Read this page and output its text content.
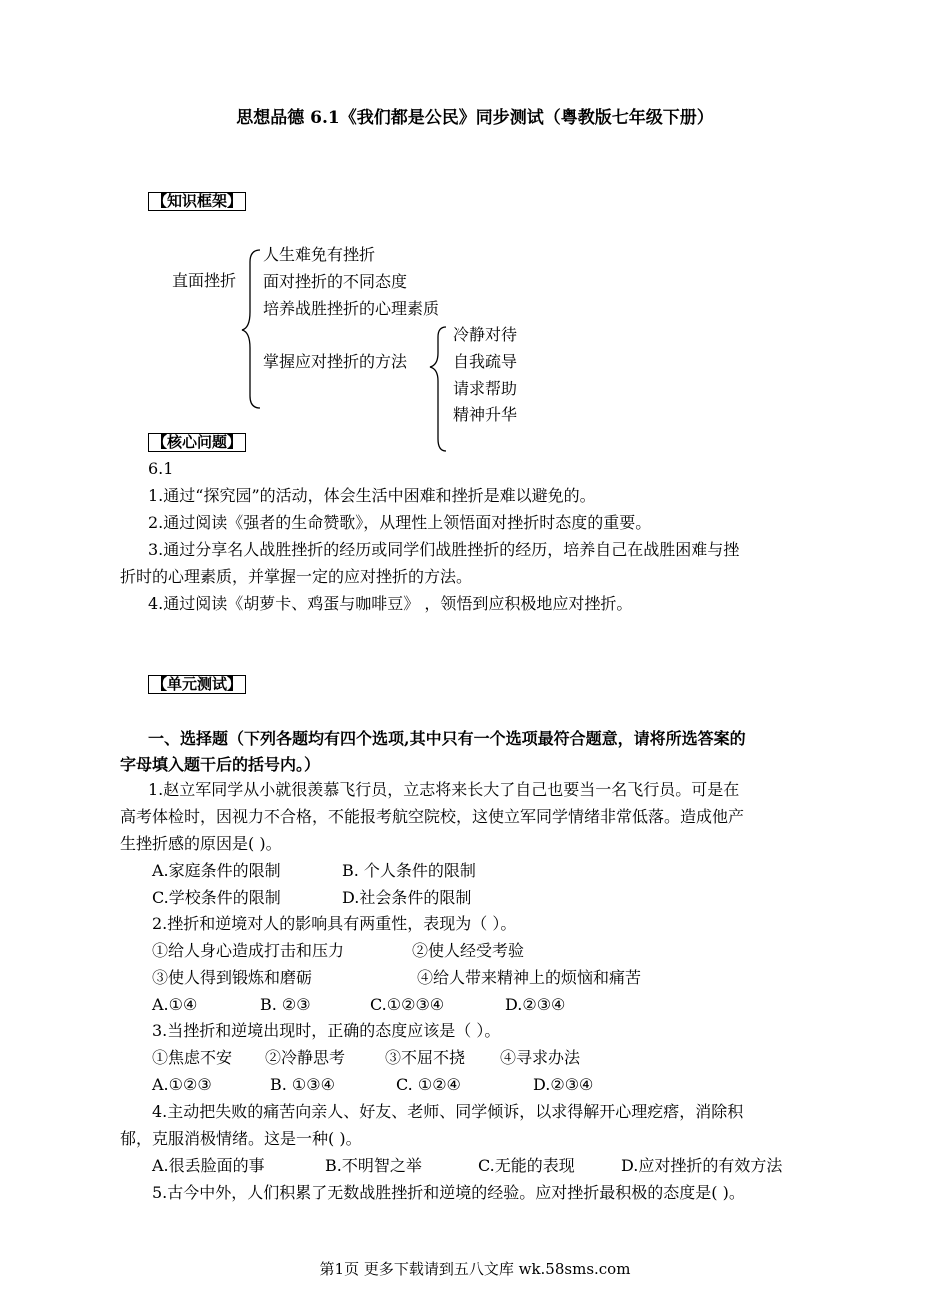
思想品德 6.1《我们都是公民》同步测试（粤教版七年级下册）
【知识框架】
直面挫折
人生难免有挫折
面对挫折的不同态度
培养战胜挫折的心理素质
掌握应对挫折的方法
冷静对待
自我疏导
请求帮助
精神升华
【核心问题】
6.1
1.通过“探究园”的活动，体会生活中困难和挫折是难以避免的。
2.通过阅读《强者的生命赞歌》，从理性上领悟面对挫折时态度的重要。
3.通过分享名人战胜挫折的经历或同学们战胜挫折的经历，培养自己在战胜困难与挫
折时的心理素质，并掌握一定的应对挫折的方法。
4.通过阅读《胡萝卡、鸡蛋与咖啡豆》 ，领悟到应积极地应对挫折。
【单元测试】
一、选择题（下列各题均有四个选项,其中只有一个选项最符合题意，请将所选答案的
字母填入题干后的括号内。）
1.赵立军同学从小就很羡慕飞行员，立志将来长大了自己也要当一名飞行员。可是在
高考体检时，因视力不合格，不能报考航空院校，这使立军同学情绪非常低落。造成他产
生挫折感的原因是( )。
A.家庭条件的限制	B. 个人条件的限制
C.学校条件的限制	D.社会条件的限制
2.挫折和逆境对人的影响具有两重性，表现为（ ）。
①给人身心造成打击和压力	②使人经受考验
③使人得到锻炼和磨砺	④给人带来精神上的烦恼和痛苦
A.①④	B. ②③	C.①②③④	D.②③④
3.当挫折和逆境出现时，正确的态度应该是（ ）。
①焦虑不安 ②冷静思考 ③不屈不挠 ④寻求办法
A.①②③	B. ①③④	C. ①②④	D.②③④
4.主动把失败的痛苦向亲人、好友、老师、同学倾诉，以求得解开心理疙瘩，消除积
郁，克服消极情绪。这是一种( )。
A.很丢脸面的事	B.不明智之举	C.无能的表现	D.应对挫折的有效方法
5.古今中外，人们积累了无数战胜挫折和逆境的经验。应对挫折最积极的态度是( )。
第1页 更多下载请到五八文库 wk.58sms.com
